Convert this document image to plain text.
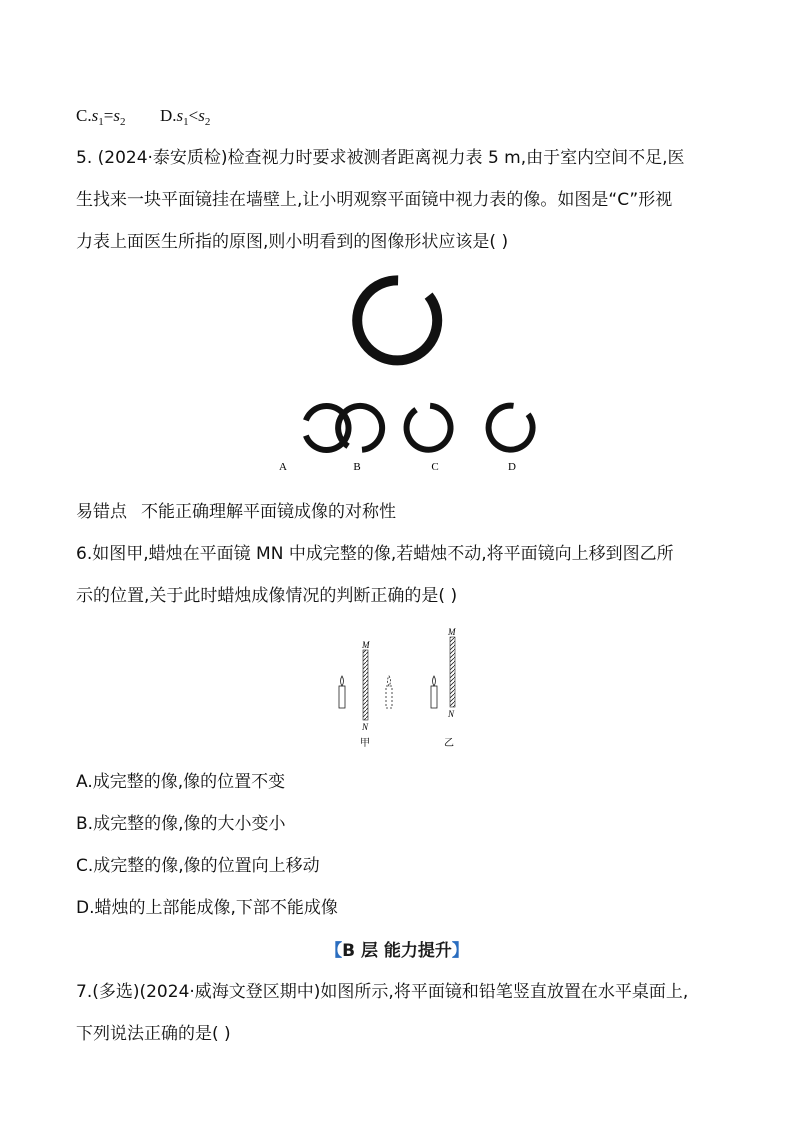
$C.s_1=s_2$ $D.s_1<s_2$
5. (2024·泰安质检)检查视力时要求被测者距离视力表 5 m,由于室内空间不足,医
生找来一块平面镜挂在墙壁上,让小明观察平面镜中视力表的像。如图是“C”形视
力表上面医生所指的原图,则小明看到的图像形状应该是( )
A	B	C	D
易错点 不能正确理解平面镜成像的对称性
6.如图甲,蜡烛在平面镜 MN 中成完整的像,若蜡烛不动,将平面镜向上移到图乙所
示的位置,关于此时蜡烛成像情况的判断正确的是( )
M
N
甲
M
N
乙
A.成完整的像,像的位置不变
B.成完整的像,像的大小变小
C.成完整的像,像的位置向上移动
D.蜡烛的上部能成像,下部不能成像
【B 层 能力提升】
7.(多选)(2024·威海文登区期中)如图所示,将平面镜和铅笔竖直放置在水平桌面上,
下列说法正确的是( )
